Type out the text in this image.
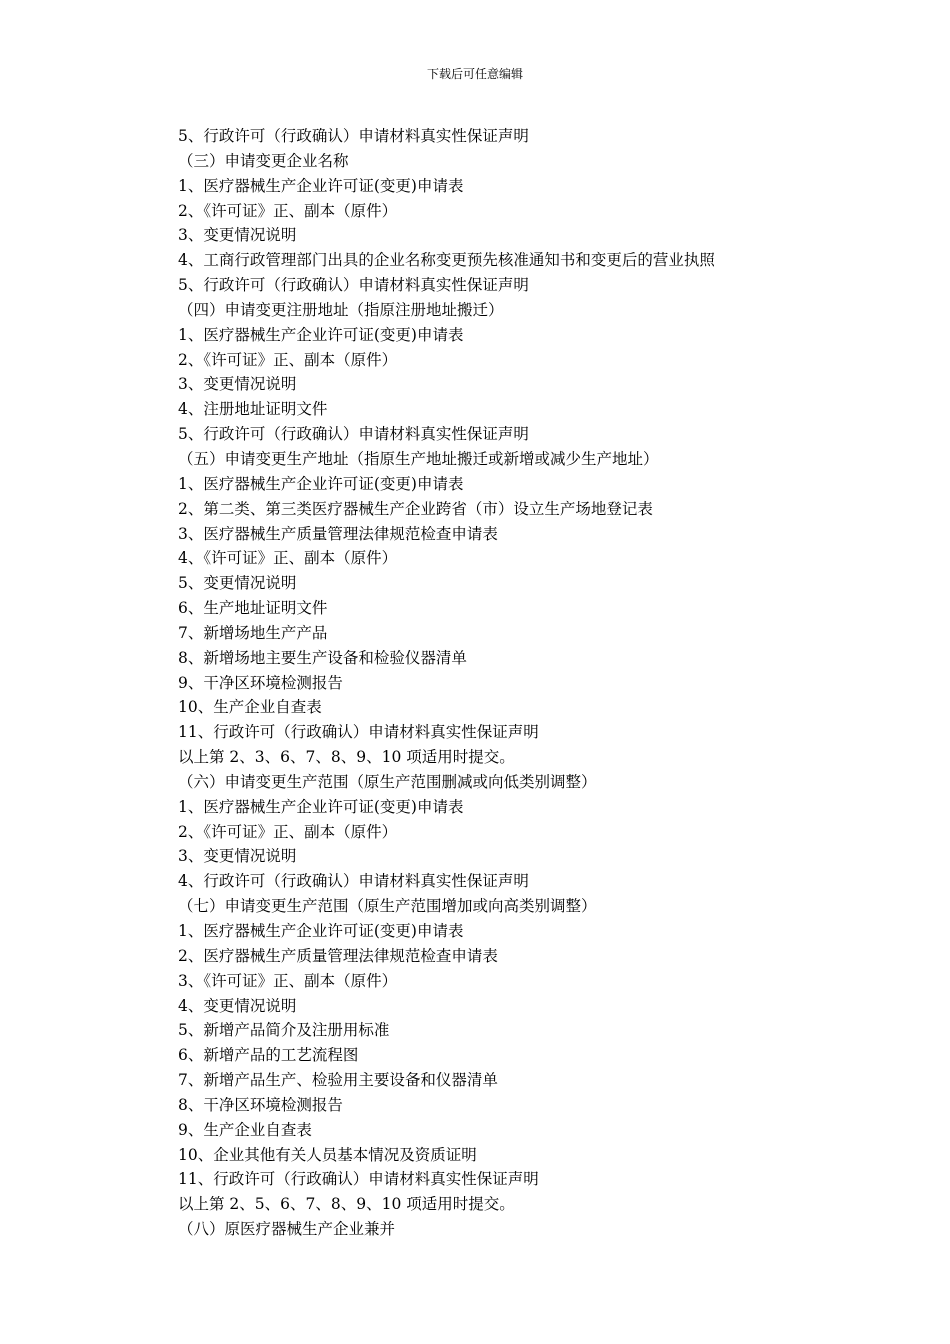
下载后可任意编辑
5、行政许可（行政确认）申请材料真实性保证声明
（三）申请变更企业名称
1、医疗器械生产企业许可证(变更)申请表
2、《许可证》正、副本（原件）
3、变更情况说明
4、工商行政管理部门出具的企业名称变更预先核准通知书和变更后的营业执照
5、行政许可（行政确认）申请材料真实性保证声明
（四）申请变更注册地址（指原注册地址搬迁）
1、医疗器械生产企业许可证(变更)申请表
2、《许可证》正、副本（原件）
3、变更情况说明
4、注册地址证明文件
5、行政许可（行政确认）申请材料真实性保证声明
（五）申请变更生产地址（指原生产地址搬迁或新增或减少生产地址）
1、医疗器械生产企业许可证(变更)申请表
2、第二类、第三类医疗器械生产企业跨省（市）设立生产场地登记表
3、医疗器械生产质量管理法律规范检查申请表
4、《许可证》正、副本（原件）
5、变更情况说明
6、生产地址证明文件
7、新增场地生产产品
8、新增场地主要生产设备和检验仪器清单
9、干净区环境检测报告
10、生产企业自查表
11、行政许可（行政确认）申请材料真实性保证声明
以上第 2、3、6、7、8、9、10 项适用时提交。
（六）申请变更生产范围（原生产范围删减或向低类别调整）
1、医疗器械生产企业许可证(变更)申请表
2、《许可证》正、副本（原件）
3、变更情况说明
4、行政许可（行政确认）申请材料真实性保证声明
（七）申请变更生产范围（原生产范围增加或向高类别调整）
1、医疗器械生产企业许可证(变更)申请表
2、医疗器械生产质量管理法律规范检查申请表
3、《许可证》正、副本（原件）
4、变更情况说明
5、新增产品简介及注册用标准
6、新增产品的工艺流程图
7、新增产品生产、检验用主要设备和仪器清单
8、干净区环境检测报告
9、生产企业自查表
10、企业其他有关人员基本情况及资质证明
11、行政许可（行政确认）申请材料真实性保证声明
以上第 2、5、6、7、8、9、10 项适用时提交。
（八）原医疗器械生产企业兼并
